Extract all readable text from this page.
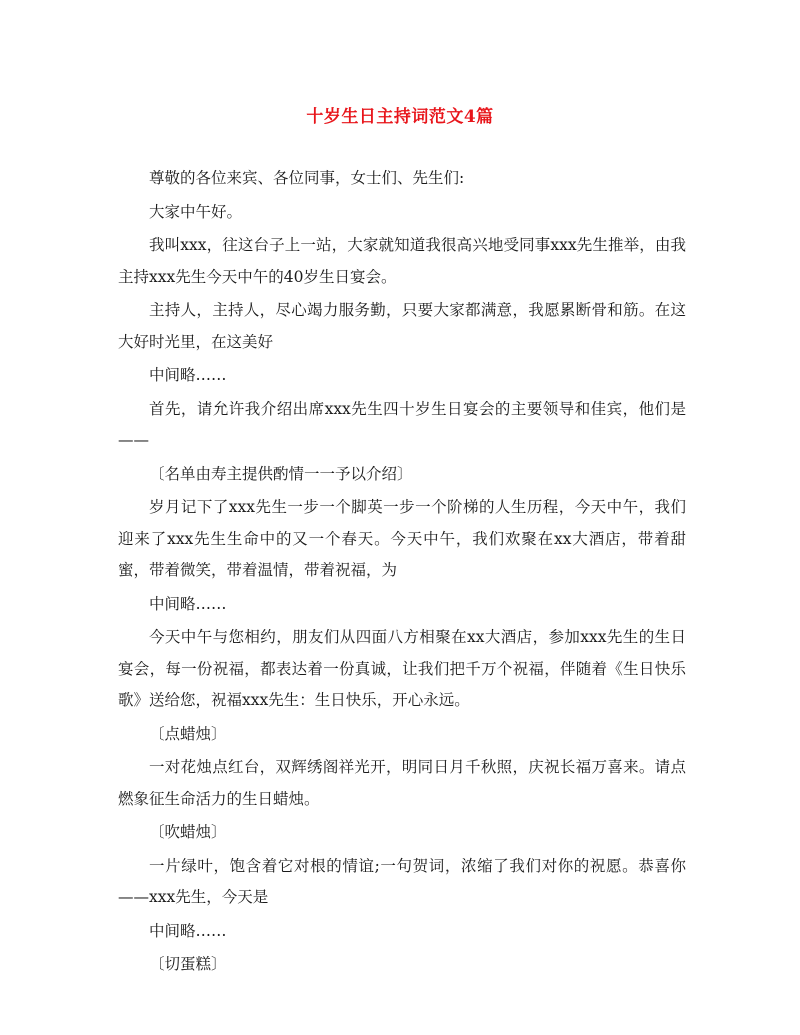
十岁生日主持词范文4篇

尊敬的各位来宾、各位同事，女士们、先生们:

大家中午好。

我叫xxx，往这台子上一站，大家就知道我很高兴地受同事xxx先生推举，由我主持xxx先生今天中午的40岁生日宴会。

主持人，主持人，尽心竭力服务勤，只要大家都满意，我愿累断骨和筋。在这大好时光里，在这美好

中间略……

首先，请允许我介绍出席xxx先生四十岁生日宴会的主要领导和佳宾，他们是——

〔名单由寿主提供酌情一一予以介绍〕

岁月记下了xxx先生一步一个脚英一步一个阶梯的人生历程，今天中午，我们迎来了xxx先生生命中的又一个春天。今天中午，我们欢聚在xx大酒店，带着甜蜜，带着微笑，带着温情，带着祝福，为

中间略……

今天中午与您相约，朋友们从四面八方相聚在xx大酒店，参加xxx先生的生日宴会，每一份祝福，都表达着一份真诚，让我们把千万个祝福，伴随着《生日快乐歌》送给您，祝福xxx先生：生日快乐，开心永远。

〔点蜡烛〕

一对花烛点红台，双辉绣阁祥光开，明同日月千秋照，庆祝长福万喜来。请点燃象征生命活力的生日蜡烛。

〔吹蜡烛〕

一片绿叶，饱含着它对根的情谊;一句贺词，浓缩了我们对你的祝愿。恭喜你——xxx先生，今天是

中间略……

〔切蛋糕〕
